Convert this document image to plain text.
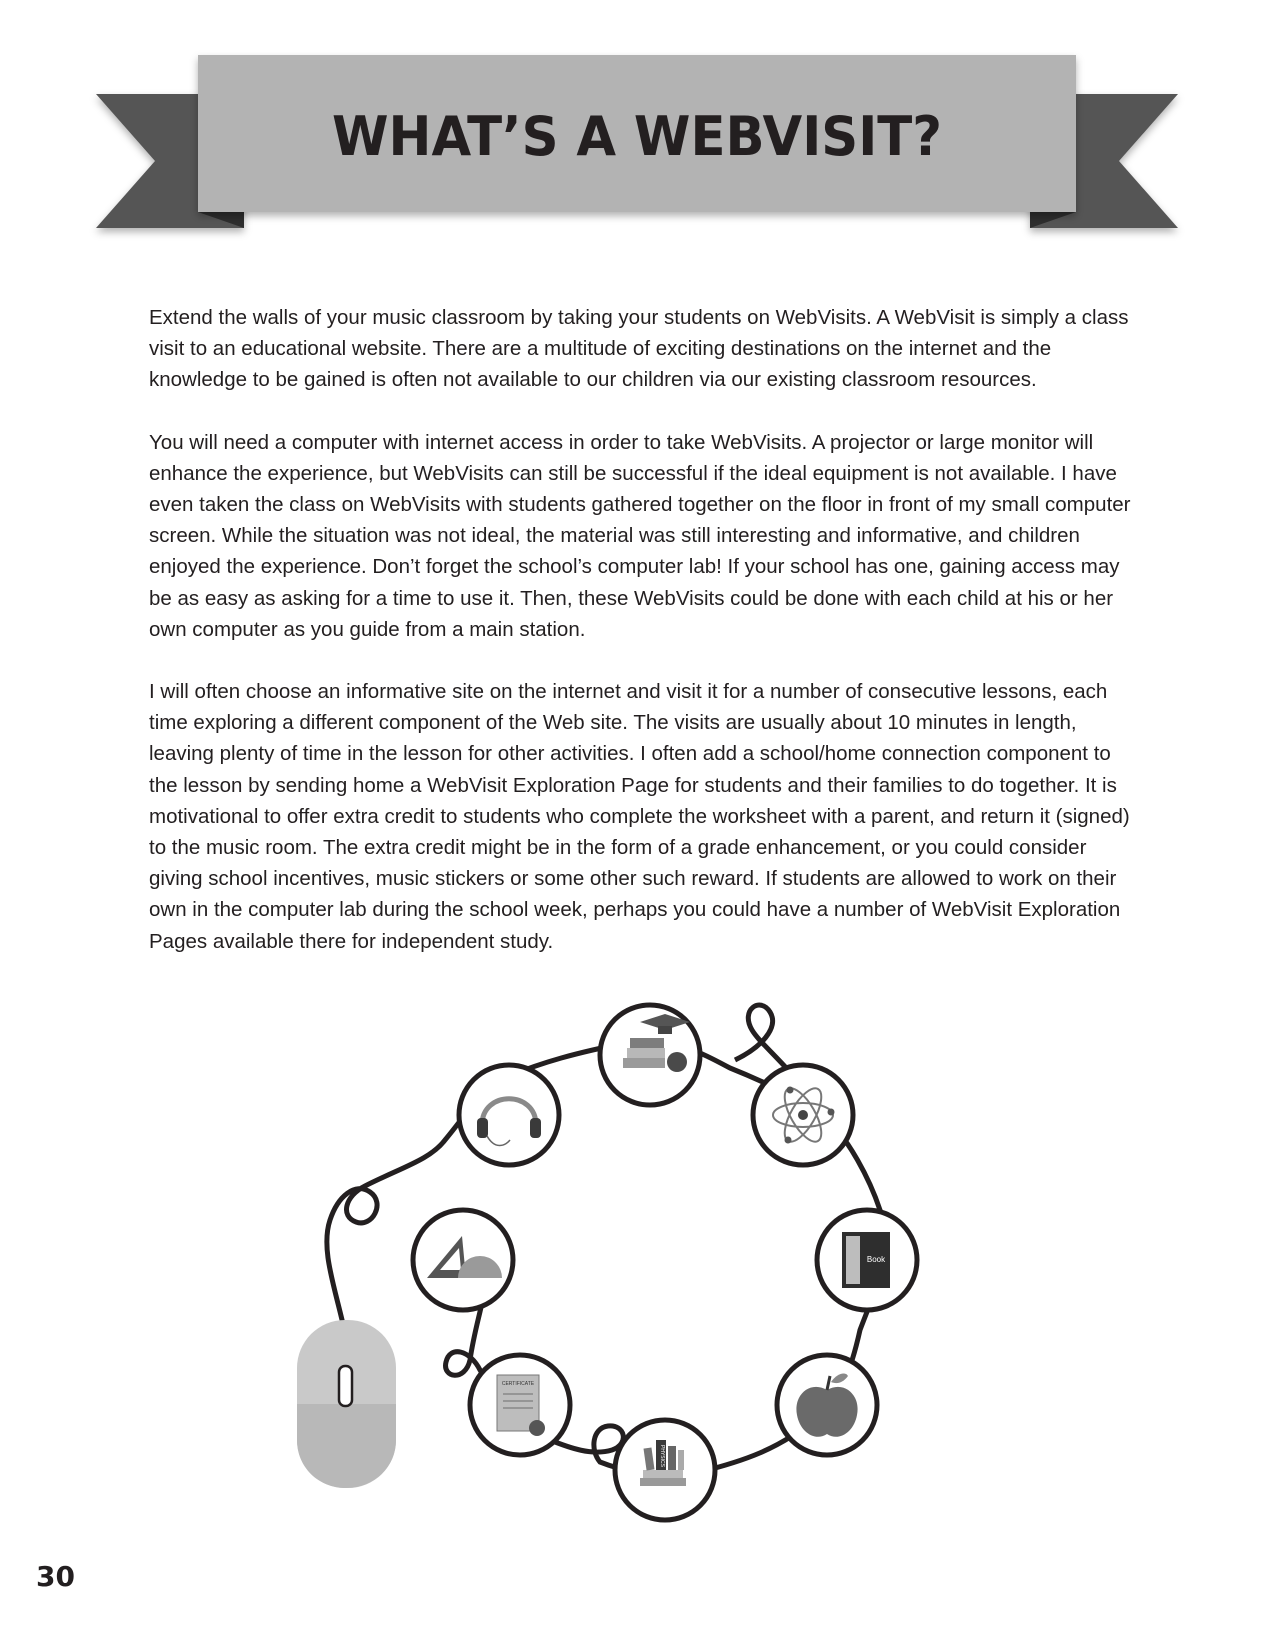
WHAT’S A WEBVISIT?

Extend the walls of your music classroom by taking your students on WebVisits. A WebVisit is simply a class visit to an educational website. There are a multitude of exciting destinations on the internet and the knowledge to be gained is often not available to our children via our existing classroom resources.

You will need a computer with internet access in order to take WebVisits. A projector or large monitor will enhance the experience, but WebVisits can still be successful if the ideal equipment is not available. I have even taken the class on WebVisits with students gathered together on the floor in front of my small computer screen. While the situation was not ideal, the material was still interesting and informative, and children enjoyed the experience. Don’t forget the school’s computer lab! If your school has one, gaining access may be as easy as asking for a time to use it. Then, these WebVisits could be done with each child at his or her own computer as you guide from a main station.

I will often choose an informative site on the internet and visit it for a number of consecutive lessons, each time exploring a different component of the Web site. The visits are usually about 10 minutes in length, leaving plenty of time in the lesson for other activities. I often add a school/home connection component to the lesson by sending home a WebVisit Exploration Page for students and their families to do together. It is motivational to offer extra credit to students who complete the worksheet with a parent, and return it (signed) to the music room. The extra credit might be in the form of a grade enhancement, or you could consider giving school incentives, music stickers or some other such reward. If students are allowed to work on their own in the computer lab during the school week, perhaps you could have a number of WebVisit Exploration Pages available there for independent study.

Book
CERTIFICATE
PHYSICS
30
